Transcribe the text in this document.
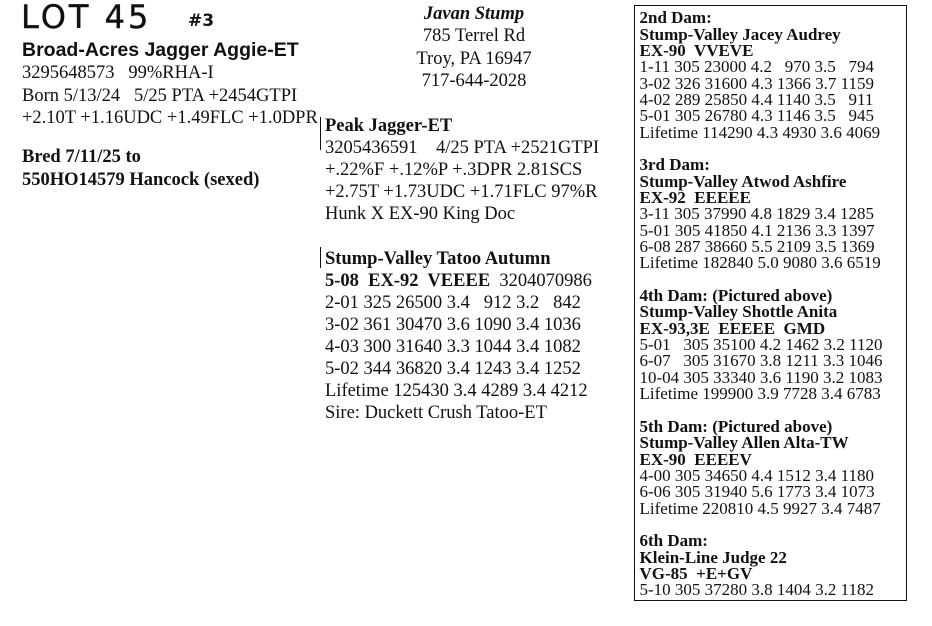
LOT 45 #3
Broad-Acres Jagger Aggie-ET
3295648573   99%RHA-I
Born 5/13/24   5/25 PTA +2454GTPI
+2.10T +1.16UDC +1.49FLC +1.0DPR
Bred 7/11/25 to
550HO14579 Hancock (sexed)
Javan Stump
785 Terrel Rd
Troy, PA 16947
717-644-2028
Peak Jagger-ET
3205436591    4/25 PTA +2521GTPI
+.22%F +.12%P +.3DPR 2.81SCS
+2.75T +1.73UDC +1.71FLC 97%R
Hunk X EX-90 King Doc
Stump-Valley Tatoo Autumn
5-08  EX-92  VEEEE 3204070986
2-01 325 26500 3.4   912 3.2   842
3-02 361 30470 3.6 1090 3.4 1036
4-03 300 31640 3.3 1044 3.4 1082
5-02 344 36820 3.4 1243 3.4 1252
Lifetime 125430 3.4 4289 3.4 4212
Sire: Duckett Crush Tatoo-ET
2nd Dam:
Stump-Valley Jacey Audrey
EX-90  VVEVE
1-11 305 23000 4.2   970 3.5   794
3-02 326 31600 4.3 1366 3.7 1159
4-02 289 25850 4.4 1140 3.5   911
5-01 305 26780 4.3 1146 3.5   945
Lifetime 114290 4.3 4930 3.6 4069
3rd Dam:
Stump-Valley Atwod Ashfire
EX-92  EEEEE
3-11 305 37990 4.8 1829 3.4 1285
5-01 305 41850 4.1 2136 3.3 1397
6-08 287 38660 5.5 2109 3.5 1369
Lifetime 182840 5.0 9080 3.6 6519
4th Dam: (Pictured above)
Stump-Valley Shottle Anita
EX-93,3E  EEEEE  GMD
5-01   305 35100 4.2 1462 3.2 1120
6-07   305 31670 3.8 1211 3.3 1046
10-04 305 33340 3.6 1190 3.2 1083
Lifetime 199900 3.9 7728 3.4 6783
5th Dam: (Pictured above)
Stump-Valley Allen Alta-TW
EX-90  EEEEV
4-00 305 34650 4.4 1512 3.4 1180
6-06 305 31940 5.6 1773 3.4 1073
Lifetime 220810 4.5 9927 3.4 7487
6th Dam:
Klein-Line Judge 22
VG-85  +E+GV
5-10 305 37280 3.8 1404 3.2 1182
